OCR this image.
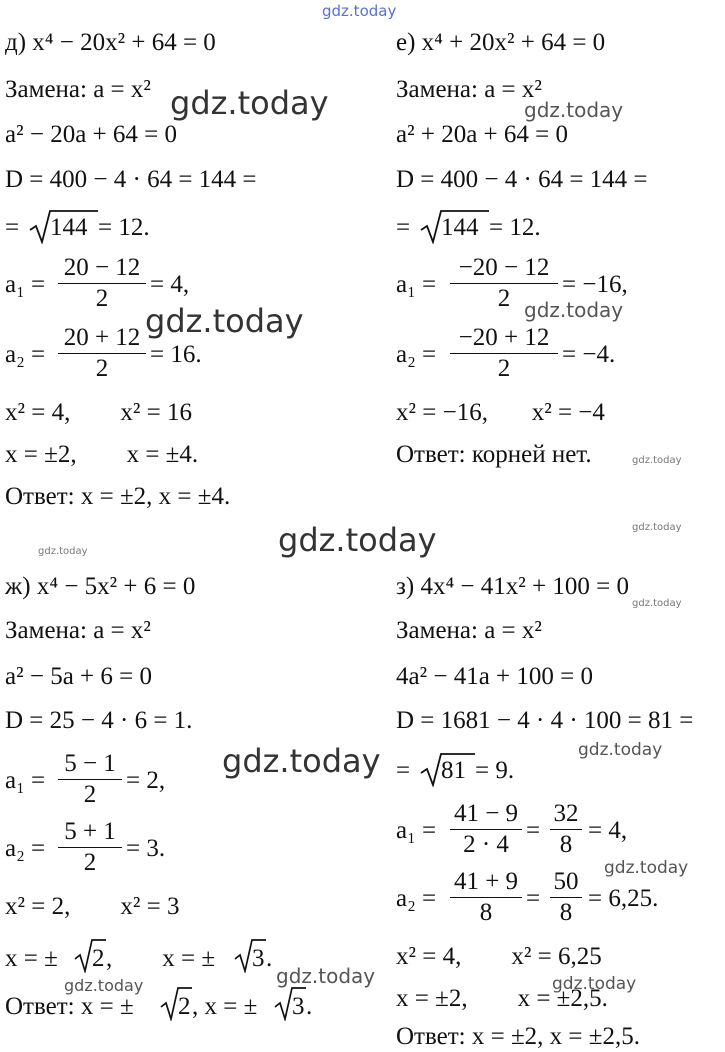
gdz.today
д) x⁴ − 20x² + 64 = 0
Замена: a = x²
a² − 20a + 64 = 0
D = 400 − 4 · 64 = 144 =
= 144 = 12.
a₁ =
20 − 12
2
= 4,
a₂ =
20 + 12
2
= 16.
x² = 4,        x² = 16
x = ±2,        x = ±4.
Ответ: x = ±2, x = ±4.
е) x⁴ + 20x² + 64 = 0
Замена: a = x²
a² + 20a + 64 = 0
D = 400 − 4 · 64 = 144 =
= 144 = 12.
a₁ =
−20 − 12
2
= −16,
a₂ =
−20 + 12
2
= −4.
x² = −16,       x² = −4
Ответ: корней нет.
ж) x⁴ − 5x² + 6 = 0
Замена: a = x²
a² − 5a + 6 = 0
D = 25 − 4 · 6 = 1.
a₁ =
5 − 1
2
= 2,
a₂ =
5 + 1
2
= 3.
x² = 2,        x² = 3
x = ± 2 ,        x = ± 3 .
Ответ: x = ± 2 , x = ± 3 .
з) 4x⁴ − 41x² + 100 = 0
Замена: a = x²
4a² − 41a + 100 = 0
D = 1681 − 4 · 4 · 100 = 81 =
= 81 = 9.
a₁ =
41 − 9
2 · 4
=
32
8
= 4,
a₂ =
41 + 9
8
=
50
8
= 6,25.
x² = 4,        x² = 6,25
x = ±2,        x = ±2,5.
Ответ: x = ±2, x = ±2,5.
gdz.today
gdz.today
gdz.today
gdz.today
gdz.today
gdz.today
gdz.today
gdz.today
gdz.today	gdz.today
gdz.today
gdz.today
gdz.today
gdz.today
gdz.today
